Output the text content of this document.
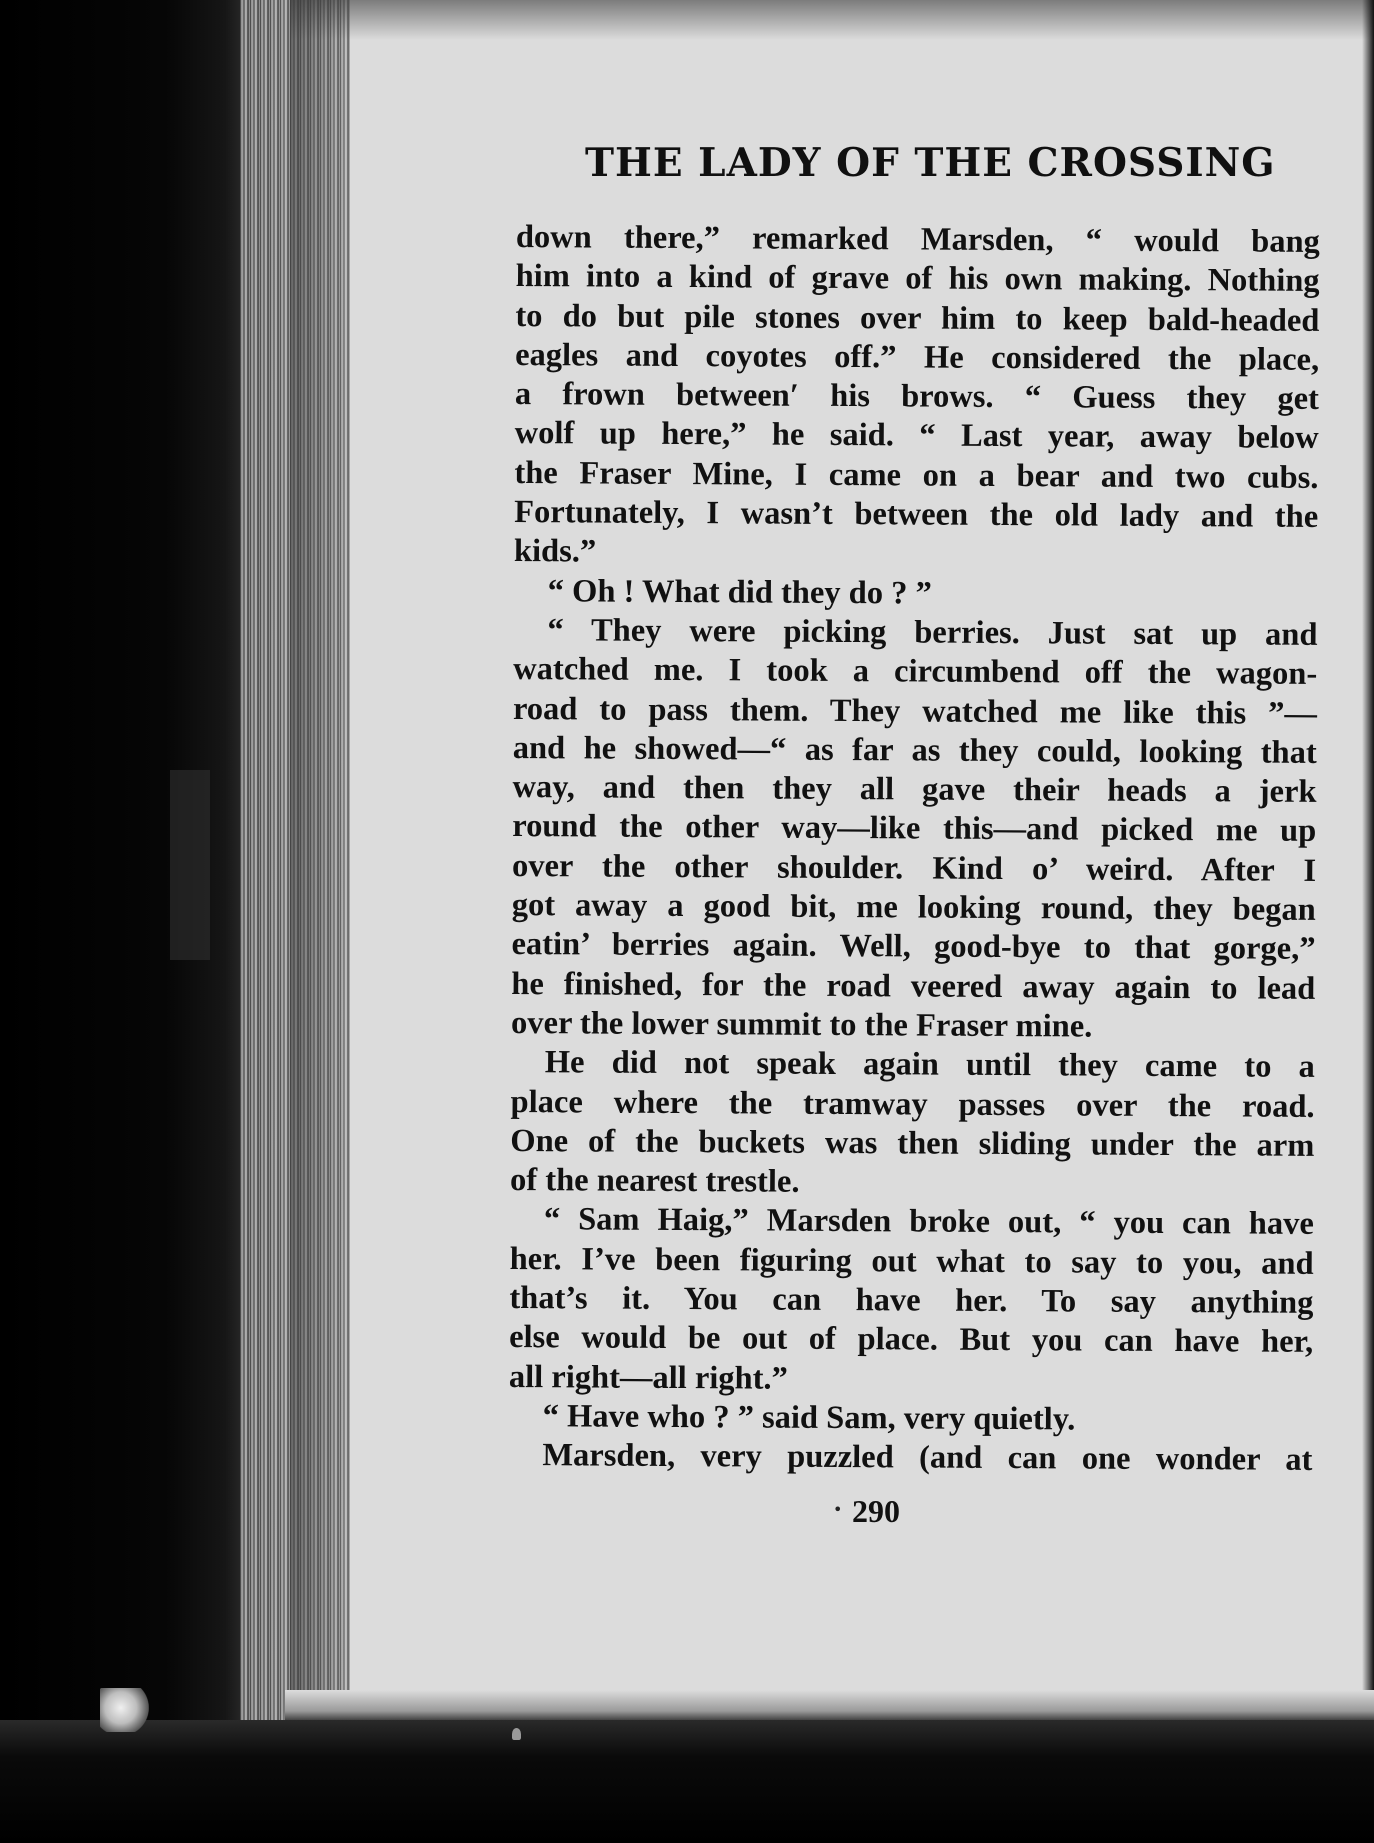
THE LADY OF THE CROSSING
down there,” remarked Marsden, “ would bang
him into a kind of grave of his own making. Nothing
to do but pile stones over him to keep bald-headed
eagles and coyotes off.” He considered the place,
a frown between′ his brows. “ Guess they get
wolf up here,” he said. “ Last year, away below
the Fraser Mine, I came on a bear and two cubs.
Fortunately, I wasn’t between the old lady and the
kids.”
“ Oh ! What did they do ? ”
“ They were picking berries. Just sat up and
watched me. I took a circumbend off the wagon-
road to pass them. They watched me like this ”—
and he showed—“ as far as they could, looking that
way, and then they all gave their heads a jerk
round the other way—like this—and picked me up
over the other shoulder. Kind o’ weird. After I
got away a good bit, me looking round, they began
eatin’ berries again. Well, good-bye to that gorge,”
he finished, for the road veered away again to lead
over the lower summit to the Fraser mine.
He did not speak again until they came to a
place where the tramway passes over the road.
One of the buckets was then sliding under the arm
of the nearest trestle.
“ Sam Haig,” Marsden broke out, “ you can have
her. I’ve been figuring out what to say to you, and
that’s it. You can have her. To say anything
else would be out of place. But you can have her,
all right—all right.”
“ Have who ? ” said Sam, very quietly.
Marsden, very puzzled (and can one wonder at
• 290
